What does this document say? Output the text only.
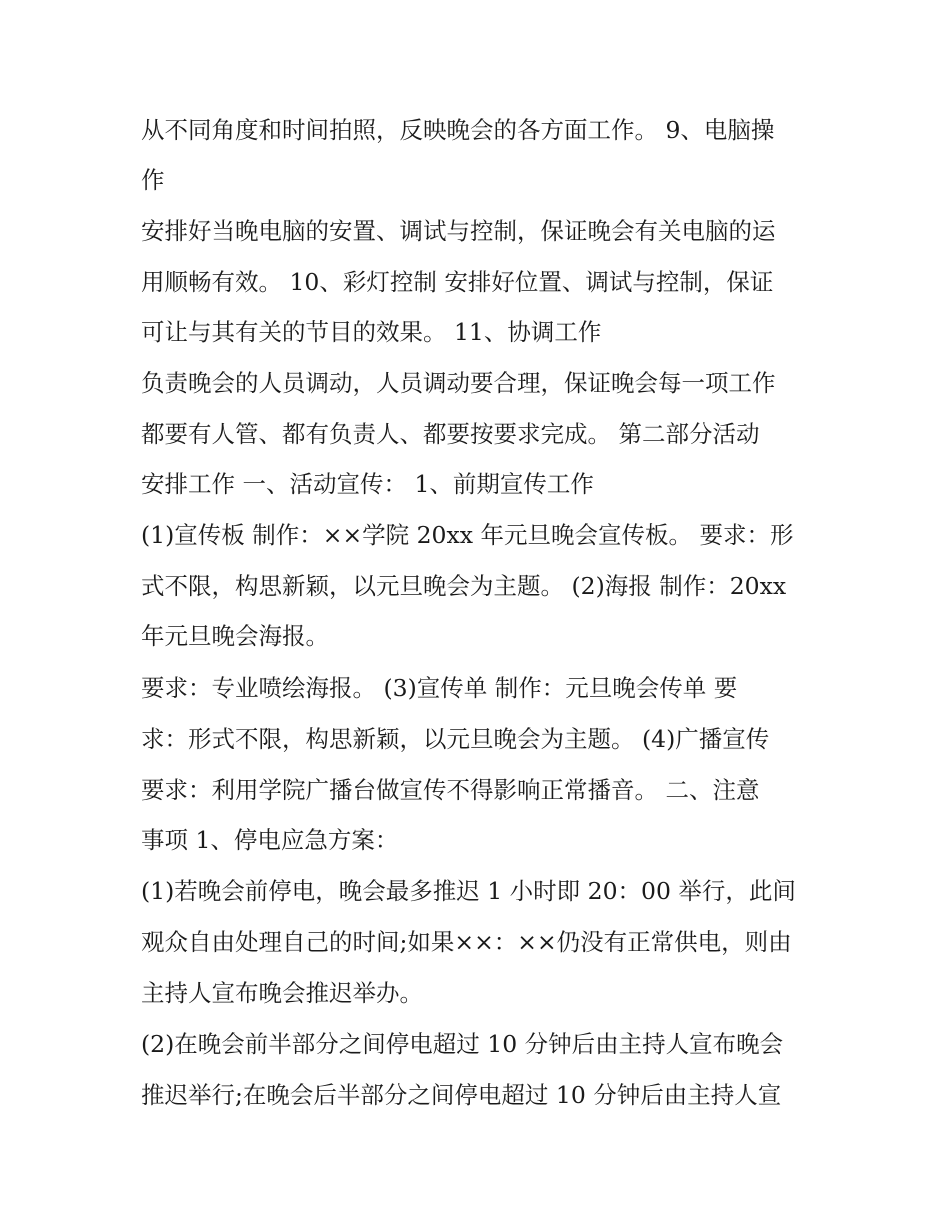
从不同角度和时间拍照，反映晚会的各方面工作。 9、电脑操
作
安排好当晚电脑的安置、调试与控制，保证晚会有关电脑的运
用顺畅有效。 10、彩灯控制 安排好位置、调试与控制，保证
可让与其有关的节目的效果。 11、协调工作
负责晚会的人员调动，人员调动要合理，保证晚会每一项工作
都要有人管、都有负责人、都要按要求完成。 第二部分活动
安排工作 一、活动宣传： 1、前期宣传工作
(1)宣传板 制作：××学院 20xx 年元旦晚会宣传板。 要求：形
式不限，构思新颖，以元旦晚会为主题。 (2)海报 制作：20xx
年元旦晚会海报。
要求：专业喷绘海报。 (3)宣传单 制作：元旦晚会传单 要
求：形式不限，构思新颖，以元旦晚会为主题。 (4)广播宣传
要求：利用学院广播台做宣传不得影响正常播音。 二、注意
事项 1、停电应急方案：
(1)若晚会前停电，晚会最多推迟 1 小时即 20：00 举行，此间
观众自由处理自己的时间;如果××：××仍没有正常供电，则由
主持人宣布晚会推迟举办。
(2)在晚会前半部分之间停电超过 10 分钟后由主持人宣布晚会
推迟举行;在晚会后半部分之间停电超过 10 分钟后由主持人宣
